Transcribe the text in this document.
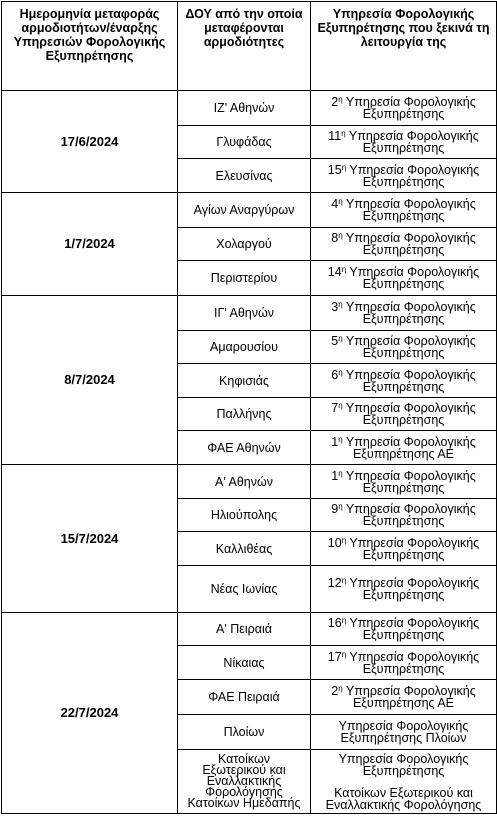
Ημερομηνία μεταφοράς αρμοδιοτήτων/έναρξης Υπηρεσιών Φορολογικής Εξυπηρέτησης	ΔΟΥ από την οποία μεταφέρονται αρμοδιότητες	Υπηρεσία Φορολογικής Εξυπηρέτησης που ξεκινά τη λειτουργία της
17/6/2024	ΙΖ' Αθηνών	$2^\eta$ Υπηρεσία Φορολογικής
Εξυπηρέτησης

	Γλυφάδας	$11^\eta$ Υπηρεσία Φορολογικής
Εξυπηρέτησης

	Ελευσίνας	$15^\eta$ Υπηρεσία Φορολογικής
Εξυπηρέτησης

1/7/2024	Αγίων Αναργύρων	$4^\eta$ Υπηρεσία Φορολογικής
Εξυπηρέτησης

	Χολαργού	$8^\eta$ Υπηρεσία Φορολογικής
Εξυπηρέτησης

	Περιστερίου	$14^\eta$ Υπηρεσία Φορολογικής
Εξυπηρέτησης

8/7/2024	ΙΓ' Αθηνών	$3^\eta$ Υπηρεσία Φορολογικής
Εξυπηρέτησης

	Αμαρουσίου	$5^\eta$ Υπηρεσία Φορολογικής
Εξυπηρέτησης

	Κηφισιάς	$6^\eta$ Υπηρεσία Φορολογικής
Εξυπηρέτησης

	Παλλήνης	$7^\eta$ Υπηρεσία Φορολογικής
Εξυπηρέτησης

	ΦΑΕ Αθηνών	$1^\eta$ Υπηρεσία Φορολογικής
Εξυπηρέτησης ΑΕ

15/7/2024	Α' Αθηνών	$1^\eta$ Υπηρεσία Φορολογικής
Εξυπηρέτησης

	Ηλιούπολης	$9^\eta$ Υπηρεσία Φορολογικής
Εξυπηρέτησης

	Καλλιθέας	$10^\eta$ Υπηρεσία Φορολογικής
Εξυπηρέτησης

	Νέας Ιωνίας	$12^\eta$ Υπηρεσία Φορολογικής
Εξυπηρέτησης

22/7/2024	Α' Πειραιά	$16^\eta$ Υπηρεσία Φορολογικής
Εξυπηρέτησης

	Νίκαιας	$17^\eta$ Υπηρεσία Φορολογικής
Εξυπηρέτησης

	ΦΑΕ Πειραιά	$2^\eta$ Υπηρεσία Φορολογικής
Εξυπηρέτησης ΑΕ

	Πλοίων	Υπηρεσία Φορολογικής
Εξυπηρέτησης Πλοίων

	Κατοίκων
Εξωτερικού και
Εναλλακτικής
Φορολόγησης
Κατοίκων Ημεδαπής	Υπηρεσία Φορολογικής
Εξυπηρέτησης
Κατοίκων Εξωτερικού και
Εναλλακτικής Φορολόγησης
